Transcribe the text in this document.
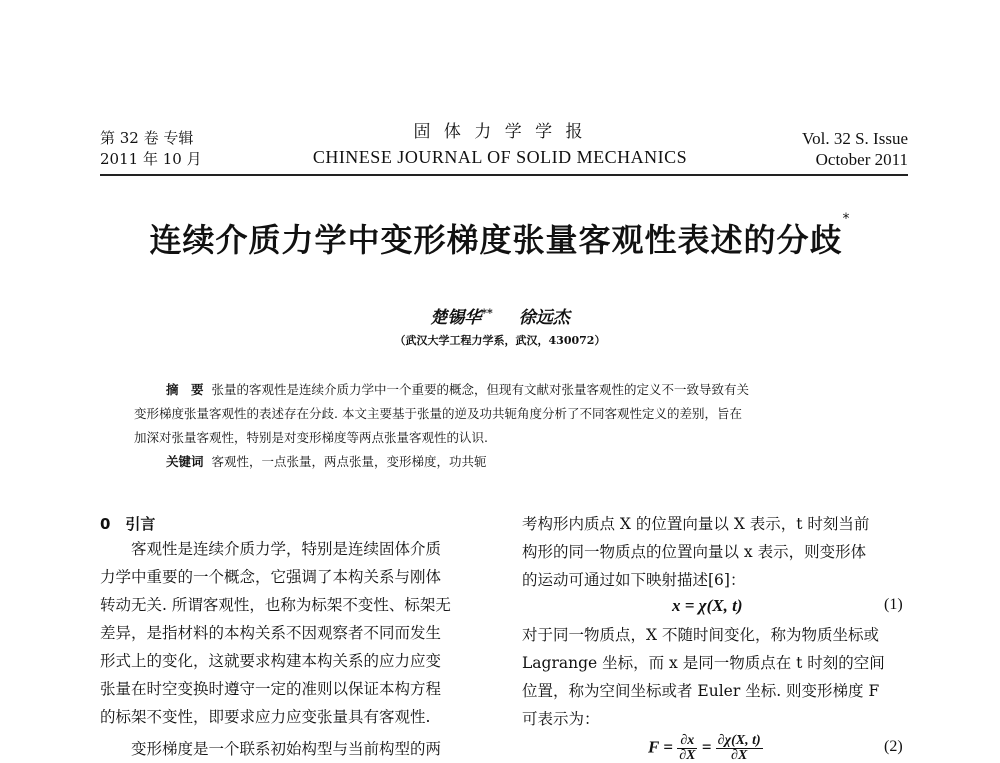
第 32 卷 专辑
2011 年 10 月
固 体 力 学 学 报
CHINESE JOURNAL OF SOLID MECHANICS
Vol. 32 S. Issue
October 2011
连续介质力学中变形梯度张量客观性表述的分歧*
楚锡华** 徐远杰
（武汉大学工程力学系，武汉，430072）
摘　要 张量的客观性是连续介质力学中一个重要的概念，但现有文献对张量客观性的定义不一致导致有关
变形梯度张量客观性的表述存在分歧. 本文主要基于张量的逆及功共轭角度分析了不同客观性定义的差别，旨在
加深对张量客观性，特别是对变形梯度等两点张量客观性的认识.
关键词 客观性，一点张量，两点张量，变形梯度，功共轭
0　引言
　　客观性是连续介质力学，特别是连续固体介质
力学中重要的一个概念，它强调了本构关系与刚体
转动无关. 所谓客观性，也称为标架不变性、标架无
差异，是指材料的本构关系不因观察者不同而发生
形式上的变化，这就要求构建本构关系的应力应变
张量在时空变换时遵守一定的准则以保证本构方程
的标架不变性，即要求应力应变张量具有客观性.
　　变形梯度是一个联系初始构型与当前构型的两
考构形内质点 X 的位置向量以 X 表示，t 时刻当前
构形的同一物质点的位置向量以 x 表示，则变形体
的运动可通过如下映射描述[6]：
x = χ(X, t)	(1)
对于同一物质点，X 不随时间变化，称为物质坐标或
Lagrange 坐标，而 x 是同一物质点在 t 时刻的空间
位置，称为空间坐标或者 Euler 坐标. 则变形梯度 F
可表示为：
$F = \frac{\partial x}{\partial X} = \frac{\partial\chi(X, t)}{\partial X}$	(2)
